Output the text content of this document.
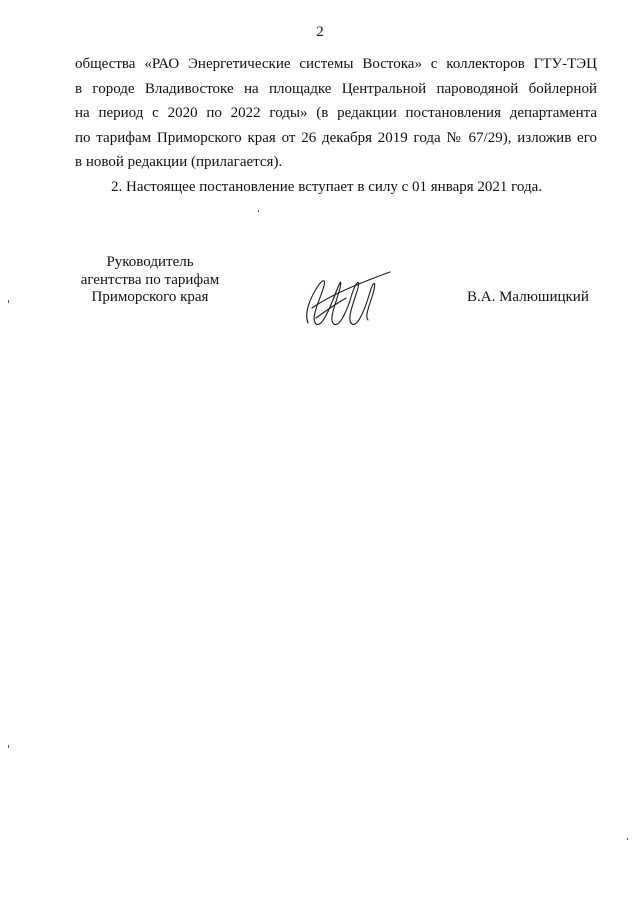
2

общества «РАО Энергетические системы Востока» с коллекторов ГТУ-ТЭЦ
в городе Владивостоке на площадке Центральной пароводяной бойлерной
на период с 2020 по 2022 годы» (в редакции постановления департамента
по тарифам Приморского края от 26 декабря 2019 года № 67/29), изложив его
в новой редакции (прилагается).

2. Настоящее постановление вступает в силу с 01 января 2021 года.

Руководитель
агентства по тарифам
Приморского края	В.А. Малюшицкий
